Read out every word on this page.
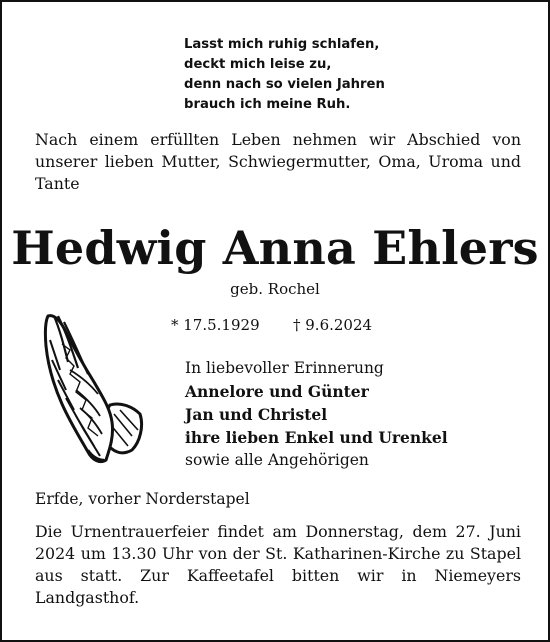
Lasst mich ruhig schlafen,
deckt mich leise zu,
denn nach so vielen Jahren
brauch ich meine Ruh.

Nach einem erfüllten Leben nehmen wir Abschied von unserer lieben Mutter, Schwiegermutter, Oma, Uroma und Tante

Hedwig Anna Ehlers
geb. Rochel
* 17.5.1929 † 9.6.2024
In liebevoller Erinnerung
Annelore und Günter
Jan und Christel
ihre lieben Enkel und Urenkel
sowie alle Angehörigen
Erfde, vorher Norderstapel

Die Urnentrauerfeier findet am Donnerstag, dem 27. Juni 2024 um 13.30 Uhr von der St. Katharinen-Kirche zu Stapel aus statt. Zur Kaffeetafel bitten wir in Niemeyers Landgasthof.
